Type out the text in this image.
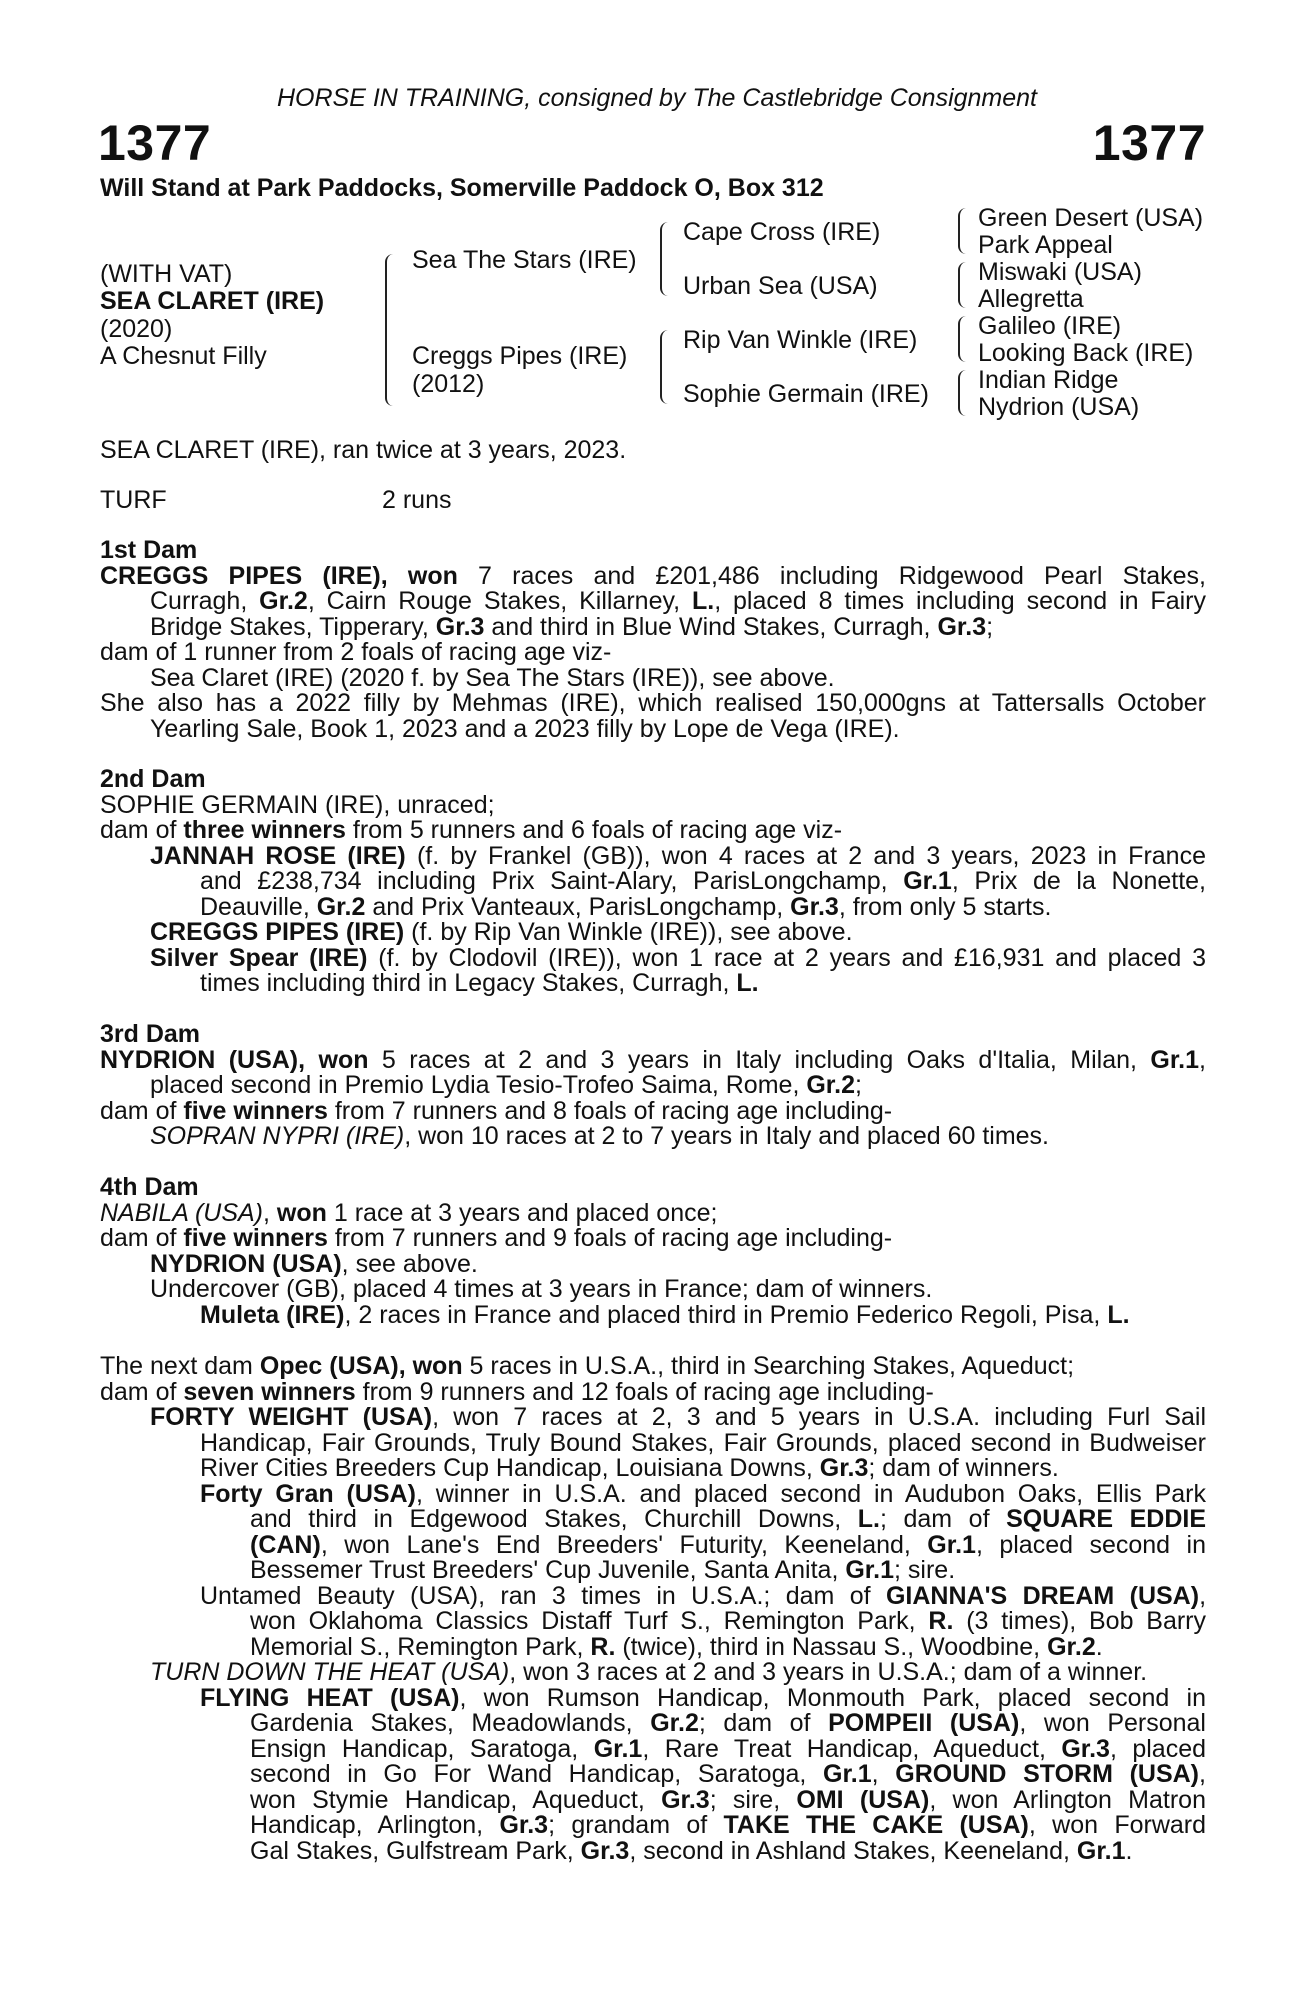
HORSE IN TRAINING, consigned by The Castlebridge Consignment
1377	1377
Will Stand at Park Paddocks, Somerville Paddock O, Box 312
(WITH VAT)
SEA CLARET (IRE)
(2020)
A Chesnut Filly
Sea The Stars (IRE)
Creggs Pipes (IRE)
(2012)
Cape Cross (IRE)
Urban Sea (USA)
Rip Van Winkle (IRE)
Sophie Germain (IRE)
Green Desert (USA)
Park Appeal
Miswaki (USA)
Allegretta
Galileo (IRE)
Looking Back (IRE)
Indian Ridge
Nydrion (USA)
SEA CLARET (IRE), ran twice at 3 years, 2023.
TURF	2 runs
1st Dam
CREGGS PIPES (IRE), won 7 races and £201,486 including Ridgewood Pearl Stakes,
Curragh, Gr.2, Cairn Rouge Stakes, Killarney, L., placed 8 times including second in Fairy
Bridge Stakes, Tipperary, Gr.3 and third in Blue Wind Stakes, Curragh, Gr.3;
dam of 1 runner from 2 foals of racing age viz-
Sea Claret (IRE) (2020 f. by Sea The Stars (IRE)), see above.
She also has a 2022 filly by Mehmas (IRE), which realised 150,000gns at Tattersalls October
Yearling Sale, Book 1, 2023 and a 2023 filly by Lope de Vega (IRE).
2nd Dam
SOPHIE GERMAIN (IRE), unraced;
dam of three winners from 5 runners and 6 foals of racing age viz-
JANNAH ROSE (IRE) (f. by Frankel (GB)), won 4 races at 2 and 3 years, 2023 in France
and £238,734 including Prix Saint-Alary, ParisLongchamp, Gr.1, Prix de la Nonette,
Deauville, Gr.2 and Prix Vanteaux, ParisLongchamp, Gr.3, from only 5 starts.
CREGGS PIPES (IRE) (f. by Rip Van Winkle (IRE)), see above.
Silver Spear (IRE) (f. by Clodovil (IRE)), won 1 race at 2 years and £16,931 and placed 3
times including third in Legacy Stakes, Curragh, L.
3rd Dam
NYDRION (USA), won 5 races at 2 and 3 years in Italy including Oaks d'Italia, Milan, Gr.1,
placed second in Premio Lydia Tesio-Trofeo Saima, Rome, Gr.2;
dam of five winners from 7 runners and 8 foals of racing age including-
SOPRAN NYPRI (IRE), won 10 races at 2 to 7 years in Italy and placed 60 times.
4th Dam
NABILA (USA), won 1 race at 3 years and placed once;
dam of five winners from 7 runners and 9 foals of racing age including-
NYDRION (USA), see above.
Undercover (GB), placed 4 times at 3 years in France; dam of winners.
Muleta (IRE), 2 races in France and placed third in Premio Federico Regoli, Pisa, L.
The next dam Opec (USA), won 5 races in U.S.A., third in Searching Stakes, Aqueduct;
dam of seven winners from 9 runners and 12 foals of racing age including-
FORTY WEIGHT (USA), won 7 races at 2, 3 and 5 years in U.S.A. including Furl Sail
Handicap, Fair Grounds, Truly Bound Stakes, Fair Grounds, placed second in Budweiser
River Cities Breeders Cup Handicap, Louisiana Downs, Gr.3; dam of winners.
Forty Gran (USA), winner in U.S.A. and placed second in Audubon Oaks, Ellis Park
and third in Edgewood Stakes, Churchill Downs, L.; dam of SQUARE EDDIE
(CAN), won Lane's End Breeders' Futurity, Keeneland, Gr.1, placed second in
Bessemer Trust Breeders' Cup Juvenile, Santa Anita, Gr.1; sire.
Untamed Beauty (USA), ran 3 times in U.S.A.; dam of GIANNA'S DREAM (USA),
won Oklahoma Classics Distaff Turf S., Remington Park, R. (3 times), Bob Barry
Memorial S., Remington Park, R. (twice), third in Nassau S., Woodbine, Gr.2.
TURN DOWN THE HEAT (USA), won 3 races at 2 and 3 years in U.S.A.; dam of a winner.
FLYING HEAT (USA), won Rumson Handicap, Monmouth Park, placed second in
Gardenia Stakes, Meadowlands, Gr.2; dam of POMPEII (USA), won Personal
Ensign Handicap, Saratoga, Gr.1, Rare Treat Handicap, Aqueduct, Gr.3, placed
second in Go For Wand Handicap, Saratoga, Gr.1, GROUND STORM (USA),
won Stymie Handicap, Aqueduct, Gr.3; sire, OMI (USA), won Arlington Matron
Handicap, Arlington, Gr.3; grandam of TAKE THE CAKE (USA), won Forward
Gal Stakes, Gulfstream Park, Gr.3, second in Ashland Stakes, Keeneland, Gr.1.
